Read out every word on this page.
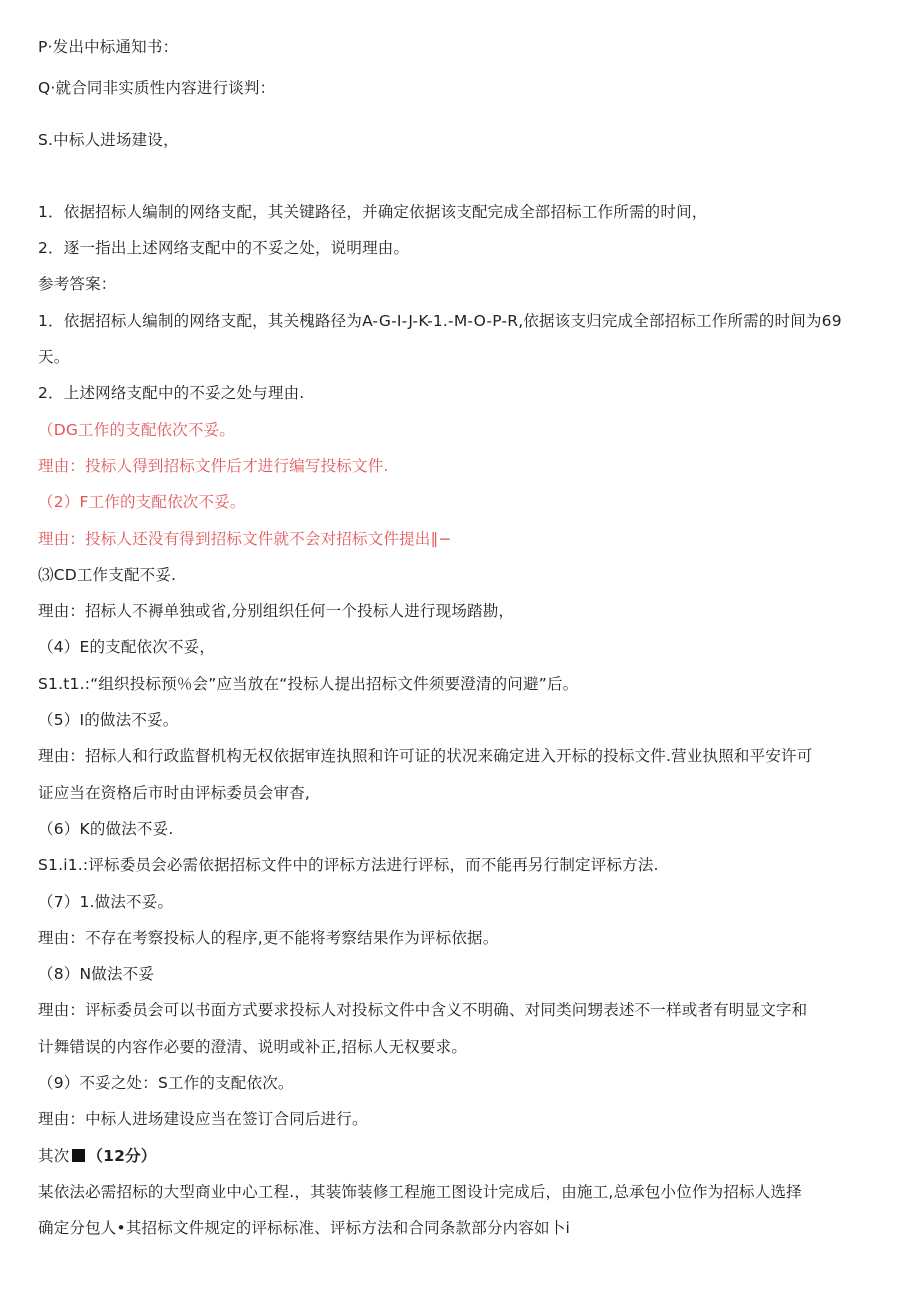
P·发出中标通知书：
Q·就合同非实质性内容进行谈判：
S.中标人进场建设，
1．依据招标人编制的网络支配，其关键路径，并确定依据该支配完成全部招标工作所需的时间，
2．逐一指出上述网络支配中的不妥之处，说明理由。
参考答案：
1．依据招标人编制的网络支配，其关槐路径为A-G-I-J-K-1.-M-O-P-R,依据该支归完成全部招标工作所需的时间为69
天。
2．上述网络支配中的不妥之处与理由.
（DG工作的支配依次不妥。
理由：投标人得到招标文件后才进行编写投标文件.
（2）F工作的支配依次不妥。
理由：投标人还没有得到招标文件就不会对招标文件提出∥−
⑶CD工作支配不妥.
理由：招标人不褥单独或省,分别组织任何一个投标人进行现场踏勘，
（4）E的支配依次不妥，
S1.t1.:“组织投标预％会”应当放在“投标人提出招标文件须要澄清的问避”后。
（5）I的做法不妥。
理由：招标人和行政监督机构无权依据审连执照和许可证的状况来确定进入开标的投标文件.营业执照和平安许可
证应当在资格后市时由评标委员会审杳,
（6）K的做法不妥.
S1.i1.:评标委员会必需依据招标文件中的评标方法进行评标，而不能再另行制定评标方法.
（7）1.做法不妥。
理由：不存在考察投标人的程序,更不能将考察结果作为评标依据。
（8）N做法不妥
理由：评标委员会可以书面方式要求投标人对投标文件中含义不明确、对同类问甥表述不一样或者有明显文字和
计舞错误的内容作必要的澄清、说明或补正,招标人无权要求。
（9）不妥之处：S工作的支配依次。
理由：中标人进场建设应当在签订合同后进行。
其次 （12分）
某依法必需招标的大型商业中心工程.，其装饰装修工程施工图设计完成后，由施工,总承包小位作为招标人选择
确定分包人•其招标文件规定的评标标准、评标方法和合同条款部分内容如卜i
